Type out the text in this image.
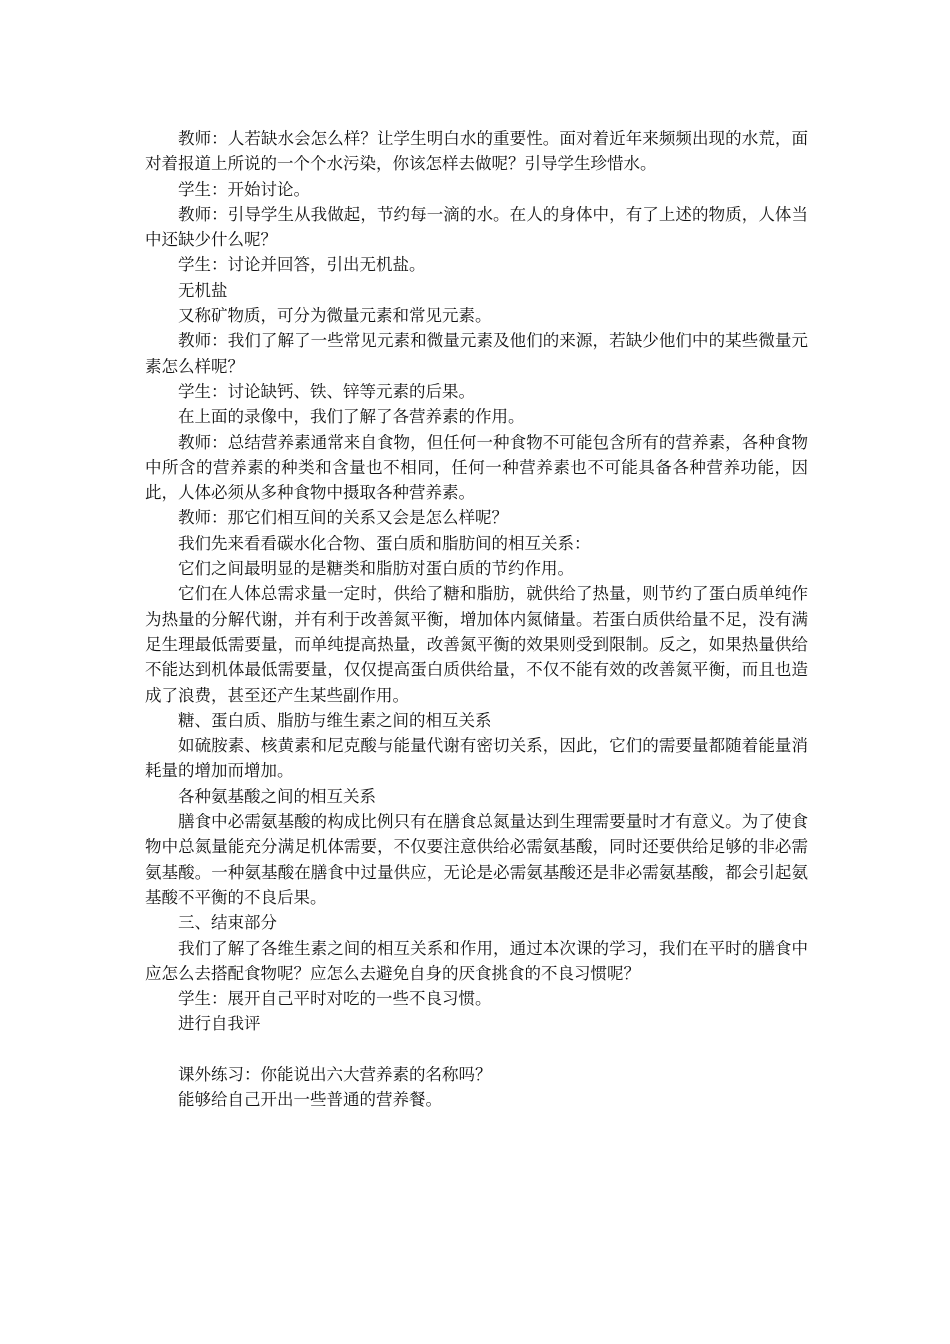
教师：人若缺水会怎么样？让学生明白水的重要性。面对着近年来频频出现的水荒，面对着报道上所说的一个个水污染，你该怎样去做呢？引导学生珍惜水。

学生：开始讨论。

教师：引导学生从我做起，节约每一滴的水。在人的身体中，有了上述的物质，人体当中还缺少什么呢？

学生：讨论并回答，引出无机盐。

无机盐

又称矿物质，可分为微量元素和常见元素。

教师：我们了解了一些常见元素和微量元素及他们的来源，若缺少他们中的某些微量元素怎么样呢？

学生：讨论缺钙、铁、锌等元素的后果。

在上面的录像中，我们了解了各营养素的作用。

教师：总结营养素通常来自食物，但任何一种食物不可能包含所有的营养素，各种食物中所含的营养素的种类和含量也不相同，任何一种营养素也不可能具备各种营养功能，因此，人体必须从多种食物中摄取各种营养素。

教师：那它们相互间的关系又会是怎么样呢？

我们先来看看碳水化合物、蛋白质和脂肪间的相互关系：

它们之间最明显的是糖类和脂肪对蛋白质的节约作用。

它们在人体总需求量一定时，供给了糖和脂肪，就供给了热量，则节约了蛋白质单纯作为热量的分解代谢，并有利于改善氮平衡，增加体内氮储量。若蛋白质供给量不足，没有满足生理最低需要量，而单纯提高热量，改善氮平衡的效果则受到限制。反之，如果热量供给不能达到机体最低需要量，仅仅提高蛋白质供给量，不仅不能有效的改善氮平衡，而且也造成了浪费，甚至还产生某些副作用。

糖、蛋白质、脂肪与维生素之间的相互关系

如硫胺素、核黄素和尼克酸与能量代谢有密切关系，因此，它们的需要量都随着能量消耗量的增加而增加。

各种氨基酸之间的相互关系

膳食中必需氨基酸的构成比例只有在膳食总氮量达到生理需要量时才有意义。为了使食物中总氮量能充分满足机体需要，不仅要注意供给必需氨基酸，同时还要供给足够的非必需氨基酸。一种氨基酸在膳食中过量供应，无论是必需氨基酸还是非必需氨基酸，都会引起氨基酸不平衡的不良后果。

三、结束部分

我们了解了各维生素之间的相互关系和作用，通过本次课的学习，我们在平时的膳食中应怎么去搭配食物呢？应怎么去避免自身的厌食挑食的不良习惯呢？

学生：展开自己平时对吃的一些不良习惯。

进行自我评

课外练习：你能说出六大营养素的名称吗？

能够给自己开出一些普通的营养餐。
